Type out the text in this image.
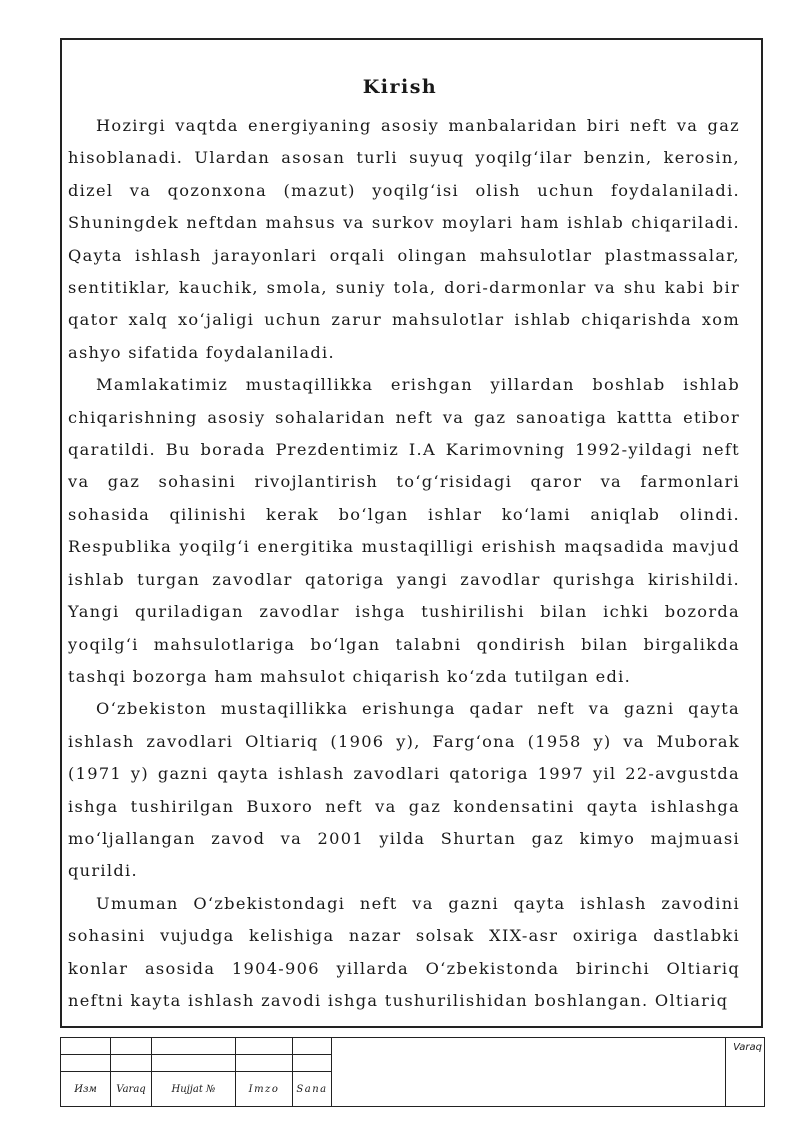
Kirish

Hozirgi vaqtda energiyaning asosiy manbalaridan biri neft va gaz hisoblanadi. Ulardan asosan turli suyuq yoqilg‘ilar benzin, kerosin, dizel va qozonxona (mazut) yoqilg‘isi olish uchun foydalaniladi. Shuningdek neftdan mahsus va surkov moylari ham ishlab chiqariladi. Qayta ishlash jarayonlari orqali olingan mahsulotlar plastmassalar, sentitiklar, kauchik, smola, suniy tola, dori-darmonlar va shu kabi bir qator xalq xo‘jaligi uchun zarur mahsulotlar ishlab chiqarishda xom ashyo sifatida foydalaniladi.

Mamlakatimiz mustaqillikka erishgan yillardan boshlab ishlab chiqarishning asosiy sohalaridan neft va gaz sanoatiga kattta etibor qaratildi. Bu borada Prezdentimiz I.A Karimovning 1992-yildagi neft va gaz sohasini rivojlantirish to‘g‘risidagi qaror va farmonlari sohasida qilinishi kerak bo‘lgan ishlar ko‘lami aniqlab olindi. Respublika yoqilg‘i energitika mustaqilligi erishish maqsadida mavjud ishlab turgan zavodlar qatoriga yangi zavodlar qurishga kirishildi. Yangi quriladigan zavodlar ishga tushirilishi bilan ichki bozorda yoqilg‘i mahsulotlariga bo‘lgan talabni qondirish bilan birgalikda tashqi bozorga ham mahsulot chiqarish ko‘zda tutilgan edi.

O‘zbekiston mustaqillikka erishunga qadar neft va gazni qayta ishlash zavodlari Oltiariq (1906 y), Farg‘ona (1958 y) va Muborak (1971 y) gazni qayta ishlash zavodlari qatoriga 1997 yil 22-avgustda ishga tushirilgan Buxoro neft va gaz kondensatini qayta ishlashga mo‘ljallangan zavod va 2001 yilda Shurtan gaz kimyo majmuasi qurildi.

Umuman O‘zbekistondagi neft va gazni qayta ishlash zavodini sohasini vujudga kelishiga nazar solsak XIX-asr oxiriga dastlabki konlar asosida 1904-906 yillarda O‘zbekistonda birinchi Oltiariq neftni kayta ishlash zavodi ishga tushurilishidan boshlangan. Oltiariq

						Varaq

Изм	Varaq	Hujjat №	Imzo	Sana		
